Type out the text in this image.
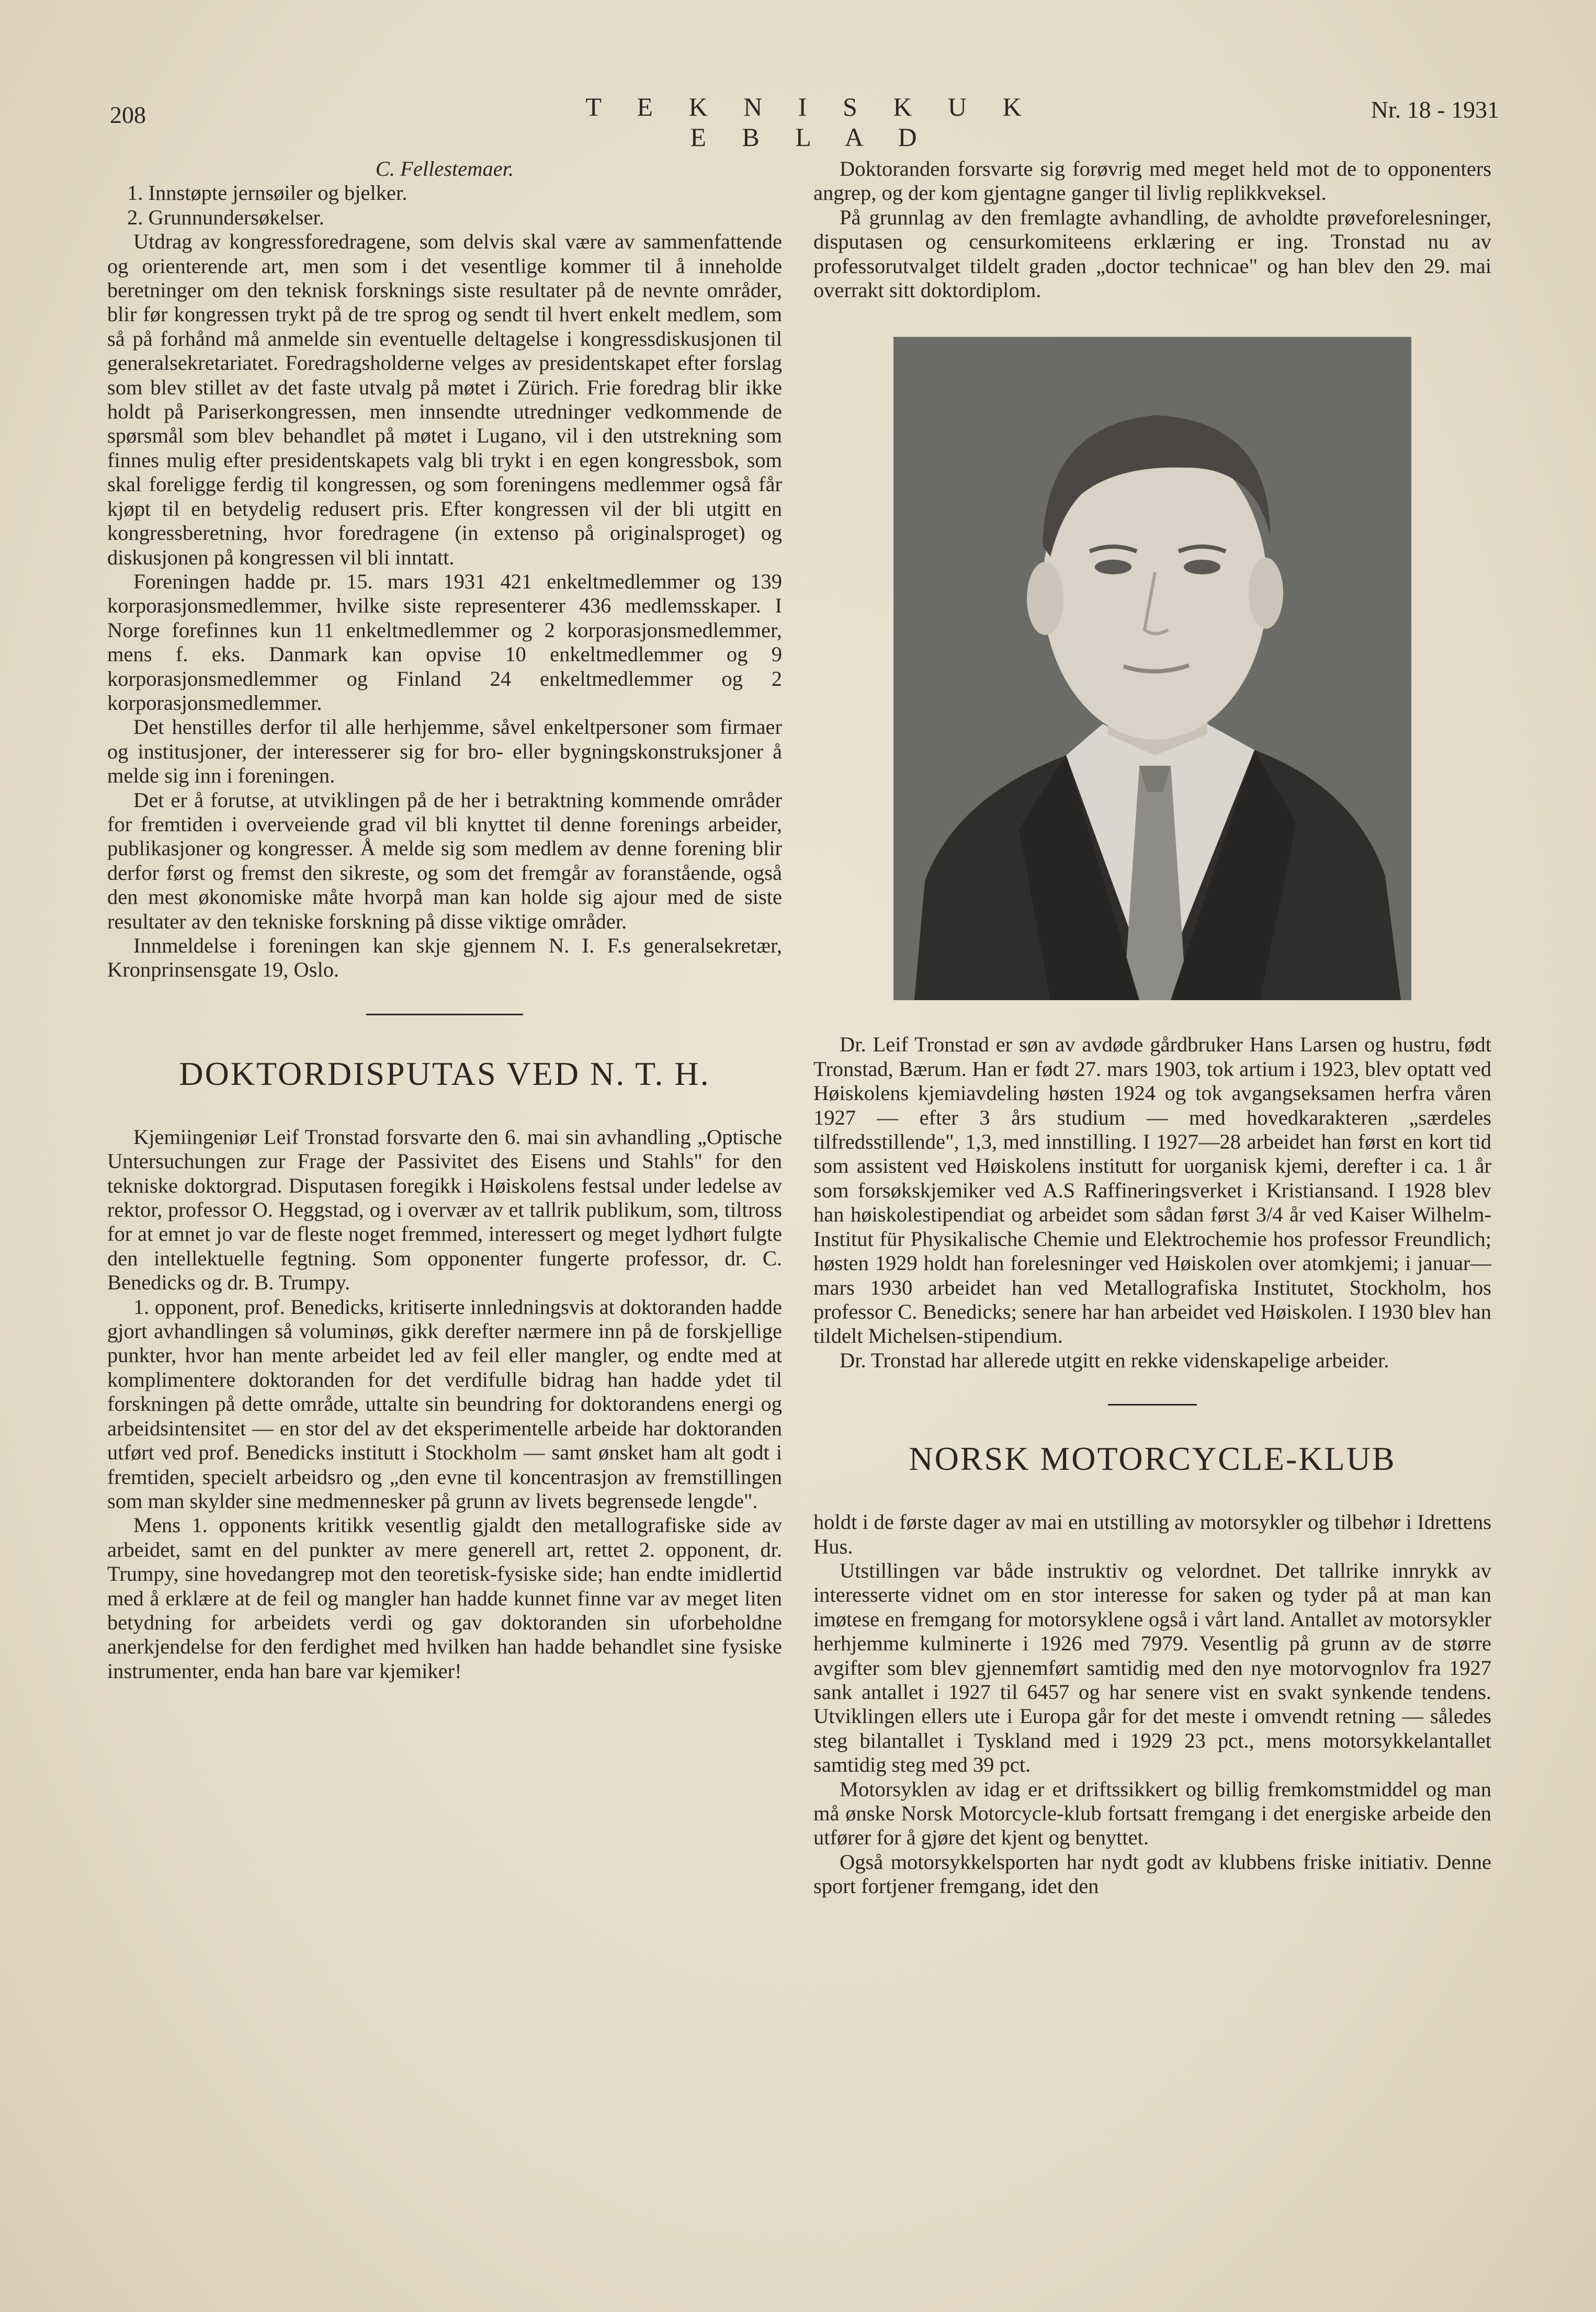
208	T E K N I S K U K E B L A D
Nr. 18 - 1931

C. Fellestemaer.

1. Innstøpte jernsøiler og bjelker.
2. Grunnundersøkelser.

Utdrag av kongressforedragene, som delvis skal være av sammenfattende og orienterende art, men som i det vesentlige kommer til å inneholde beretninger om den teknisk forsknings siste resultater på de nevnte områder, blir før kongressen trykt på de tre sprog og sendt til hvert enkelt medlem, som så på forhånd må anmelde sin eventuelle deltagelse i kongressdiskusjonen til generalsekretariatet. Foredragsholderne velges av presidentskapet efter forslag som blev stillet av det faste utvalg på møtet i Zürich. Frie foredrag blir ikke holdt på Pariserkongressen, men innsendte utredninger vedkommende de spørsmål som blev behandlet på møtet i Lugano, vil i den utstrekning som finnes mulig efter presidentskapets valg bli trykt i en egen kongressbok, som skal foreligge ferdig til kongressen, og som foreningens medlemmer også får kjøpt til en betydelig redusert pris. Efter kongressen vil der bli utgitt en kongressberetning, hvor foredragene (in extenso på originalsproget) og diskusjonen på kongressen vil bli inntatt.

Foreningen hadde pr. 15. mars 1931 421 enkeltmedlemmer og 139 korporasjonsmedlemmer, hvilke siste representerer 436 medlemsskaper. I Norge forefinnes kun 11 enkeltmedlemmer og 2 korporasjonsmedlemmer, mens f. eks. Danmark kan opvise 10 enkeltmedlemmer og 9 korporasjonsmedlemmer og Finland 24 enkeltmedlemmer og 2 korporasjonsmedlemmer.

Det henstilles derfor til alle herhjemme, såvel enkeltpersoner som firmaer og institusjoner, der interesserer sig for bro- eller bygningskonstruksjoner å melde sig inn i foreningen.

Det er å forutse, at utviklingen på de her i betraktning kommende områder for fremtiden i overveiende grad vil bli knyttet til denne forenings arbeider, publikasjoner og kongresser. Å melde sig som medlem av denne forening blir derfor først og fremst den sikreste, og som det fremgår av foranstående, også den mest økonomiske måte hvorpå man kan holde sig ajour med de siste resultater av den tekniske forskning på disse viktige områder.

Innmeldelse i foreningen kan skje gjennem N. I. F.s generalsekretær, Kronprinsensgate 19, Oslo.

DOKTORDISPUTAS VED N. T. H.

Kjemiingeniør Leif Tronstad forsvarte den 6. mai sin avhandling „Optische Untersuchungen zur Frage der Passivitet des Eisens und Stahls" for den tekniske doktorgrad. Disputasen foregikk i Høiskolens festsal under ledelse av rektor, professor O. Heggstad, og i overvær av et tallrik publikum, som, tiltross for at emnet jo var de fleste noget fremmed, interessert og meget lydhørt fulgte den intellektuelle fegtning. Som opponenter fungerte professor, dr. C. Benedicks og dr. B. Trumpy.

1. opponent, prof. Benedicks, kritiserte innledningsvis at doktoranden hadde gjort avhandlingen så voluminøs, gikk derefter nærmere inn på de forskjellige punkter, hvor han mente arbeidet led av feil eller mangler, og endte med at komplimentere doktoranden for det verdifulle bidrag han hadde ydet til forskningen på dette område, uttalte sin beundring for doktorandens energi og arbeidsintensitet — en stor del av det eksperimentelle arbeide har doktoranden utført ved prof. Benedicks institutt i Stockholm — samt ønsket ham alt godt i fremtiden, specielt arbeidsro og „den evne til koncentrasjon av fremstillingen som man skylder sine medmennesker på grunn av livets begrensede lengde".

Mens 1. opponents kritikk vesentlig gjaldt den metallografiske side av arbeidet, samt en del punkter av mere generell art, rettet 2. opponent, dr. Trumpy, sine hovedangrep mot den teoretisk-fysiske side; han endte imidlertid med å erklære at de feil og mangler han hadde kunnet finne var av meget liten betydning for arbeidets verdi og gav doktoranden sin uforbeholdne anerkjendelse for den ferdighet med hvilken han hadde behandlet sine fysiske instrumenter, enda han bare var kjemiker!

Doktoranden forsvarte sig forøvrig med meget held mot de to opponenters angrep, og der kom gjentagne ganger til livlig replikkveksel.

På grunnlag av den fremlagte avhandling, de avholdte prøveforelesninger, disputasen og censurkomiteens erklæring er ing. Tronstad nu av professorutvalget tildelt graden „doctor technicae" og han blev den 29. mai overrakt sitt doktordiplom.

Dr. Leif Tronstad er søn av avdøde gårdbruker Hans Larsen og hustru, født Tronstad, Bærum. Han er født 27. mars 1903, tok artium i 1923, blev optatt ved Høiskolens kjemiavdeling høsten 1924 og tok avgangseksamen herfra våren 1927 — efter 3 års studium — med hovedkarakteren „særdeles tilfredsstillende", 1,3, med innstilling. I 1927—28 arbeidet han først en kort tid som assistent ved Høiskolens institutt for uorganisk kjemi, derefter i ca. 1 år som forsøkskjemiker ved A.S Raffineringsverket i Kristiansand. I 1928 blev han høiskolestipendiat og arbeidet som sådan først 3/4 år ved Kaiser Wilhelm-Institut für Physikalische Chemie und Elektrochemie hos professor Freundlich; høsten 1929 holdt han forelesninger ved Høiskolen over atomkjemi; i januar—mars 1930 arbeidet han ved Metallografiska Institutet, Stockholm, hos professor C. Benedicks; senere har han arbeidet ved Høiskolen. I 1930 blev han tildelt Michelsen-stipendium.

Dr. Tronstad har allerede utgitt en rekke videnskapelige arbeider.

NORSK MOTORCYCLE-KLUB

holdt i de første dager av mai en utstilling av motorsykler og tilbehør i Idrettens Hus.

Utstillingen var både instruktiv og velordnet. Det tallrike innrykk av interesserte vidnet om en stor interesse for saken og tyder på at man kan imøtese en fremgang for motorsyklene også i vårt land. Antallet av motorsykler herhjemme kulminerte i 1926 med 7979. Vesentlig på grunn av de større avgifter som blev gjennemført samtidig med den nye motorvognlov fra 1927 sank antallet i 1927 til 6457 og har senere vist en svakt synkende tendens. Utviklingen ellers ute i Europa går for det meste i omvendt retning — således steg bilantallet i Tyskland med i 1929 23 pct., mens motorsykkelantallet samtidig steg med 39 pct.

Motorsyklen av idag er et driftssikkert og billig fremkomstmiddel og man må ønske Norsk Motorcycle-klub fortsatt fremgang i det energiske arbeide den utfører for å gjøre det kjent og benyttet.

Også motorsykkelsporten har nydt godt av klubbens friske initiativ. Denne sport fortjener fremgang, idet den
